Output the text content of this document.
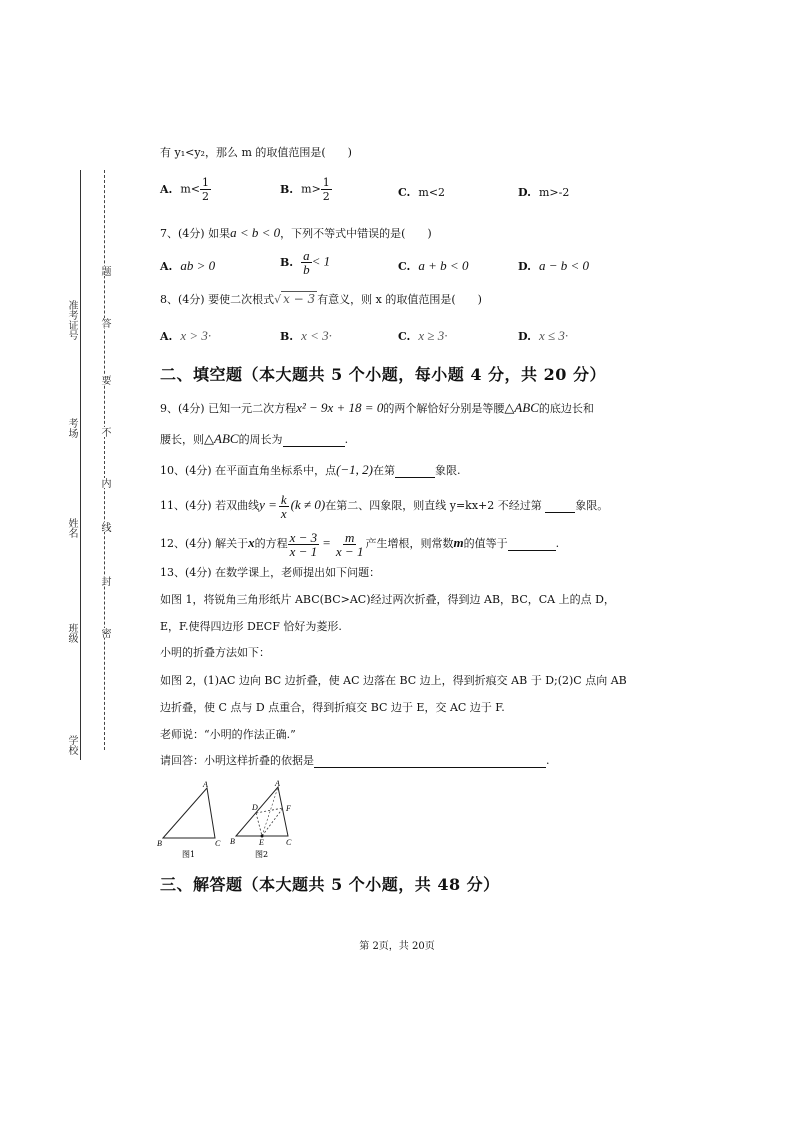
准考证号
考场
姓名
班级
学校
题
答
要
不
内
线
封
密
有 y₁<y₂，那么 m 的取值范围是(　　)
A. $m< \frac{1}{2}$	B. $m> \frac{1}{2}$	C. m<2	D. m>-2
7、(4分) 如果a < b < 0，下列不等式中错误的是(　　)
A. ab > 0	B. $\frac{a}{b} < 1$	C. a + b < 0	D. a − b < 0
8、(4分) 要使二次根式√ x − 3 有意义，则 x 的取值范围是(　　)
A. x > 3·	B. x < 3·	C. x ≥ 3·	D. x ≤ 3·
二、填空题（本大题共 5 个小题，每小题 4 分，共 20 分）
9、(4分) 已知一元二次方程x² − 9x + 18 = 0的两个解恰好分别是等腰△ABC的底边长和
腰长，则△ABC的周长为	.
10、(4分) 在平面直角坐标系中，点(−1, 2)在第	象限.
11、(4分) 若双曲线$y = \frac{k}{x} (k \ne 0)$在第二、四象限，则直线 y=kx+2 不经过第	象限。
12、(4分) 解关于x的方程 $\frac{x - 3}{x - 1} = \frac{m}{x - 1}$ 产生增根，则常数m的值等于	.
13、(4分) 在数学课上，老师提出如下问题：
如图 1，将锐角三角形纸片 ABC(BC>AC)经过两次折叠，得到边 AB，BC，CA 上的点 D，
E，F.使得四边形 DECF 恰好为菱形.
小明的折叠方法如下：
如图 2，(1)AC 边向 BC 边折叠，使 AC 边落在 BC 边上，得到折痕交 AB 于 D;(2)C 点向 AB
边折叠，使 C 点与 D 点重合，得到折痕交 BC 边于 E，交 AC 边于 F.
老师说：“小明的作法正确.”
请回答：小明这样折叠的依据是	.
A
B	C
图1
A
D	F
B	E	C
图2
三、解答题（本大题共 5 个小题，共 48 分）
第 2页，共 20页
